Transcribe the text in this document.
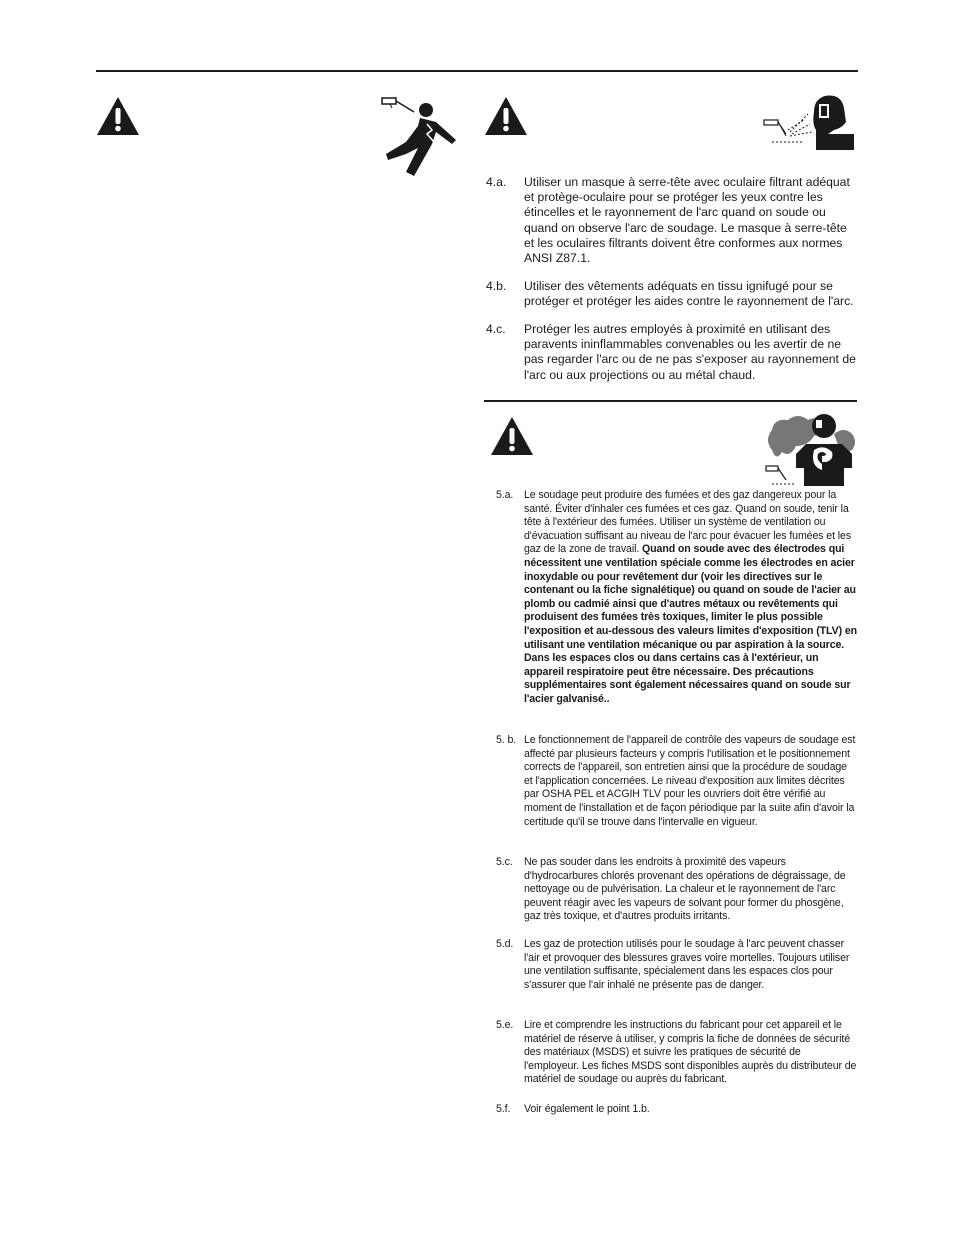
4.a. Utiliser un masque à serre-tête avec oculaire filtrant adéquat et protège-oculaire pour se protéger les yeux contre les étincelles et le rayonnement de l'arc quand on soude ou quand on observe l'arc de soudage. Le masque à serre-tête et les oculaires filtrants doivent être conformes aux normes ANSI Z87.1.
4.b. Utiliser des vêtements adéquats en tissu ignifugé pour se protéger et protéger les aides contre le rayonnement de l'arc.
4.c. Protéger les autres employés à proximité en utilisant des paravents ininflammables convenables ou les avertir de ne pas regarder l'arc ou de ne pas s'exposer au rayonnement de l'arc ou aux projections ou au métal chaud.
5.a. Le soudage peut produire des fumées et des gaz dangereux pour la santé. Éviter d'inhaler ces fumées et ces gaz. Quand on soude, tenir la tête à l'extérieur des fumées. Utiliser un système de ventilation ou d'évacuation suffisant au niveau de l'arc pour évacuer les fumées et les gaz de la zone de travail. Quand on soude avec des électrodes qui nécessitent une ventilation spéciale comme les électrodes en acier inoxydable ou pour revêtement dur (voir les directives sur le contenant ou la fiche signalétique) ou quand on soude de l'acier au plomb ou cadmié ainsi que d'autres métaux ou revêtements qui produisent des fumées très toxiques, limiter le plus possible l'exposition et au-dessous des valeurs limites d'exposition (TLV) en utilisant une ventilation mécanique ou par aspiration à la source. Dans les espaces clos ou dans certains cas à l'extérieur, un appareil respiratoire peut être nécessaire. Des précautions supplémentaires sont également nécessaires quand on soude sur l'acier galvanisé..
5. b. Le fonctionnement de l'appareil de contrôle des vapeurs de soudage est affecté par plusieurs facteurs y compris l'utilisation et le positionnement corrects de l'appareil, son entretien ainsi que la procédure de soudage et l'application concernées. Le niveau d'exposition aux limites décrites par OSHA PEL et ACGIH TLV pour les ouvriers doit être vérifié au moment de l'installation et de façon périodique par la suite afin d'avoir la certitude qu'il se trouve dans l'intervalle en vigueur.
5.c. Ne pas souder dans les endroits à proximité des vapeurs d'hydrocarbures chlorés provenant des opérations de dégraissage, de nettoyage ou de pulvérisation. La chaleur et le rayonnement de l'arc peuvent réagir avec les vapeurs de solvant pour former du phosgène, gaz très toxique, et d'autres produits irritants.
5.d. Les gaz de protection utilisés pour le soudage à l'arc peuvent chasser l'air et provoquer des blessures graves voire mortelles. Toujours utiliser une ventilation suffisante, spécialement dans les espaces clos pour s'assurer que l'air inhalé ne présente pas de danger.
5.e. Lire et comprendre les instructions du fabricant pour cet appareil et le matériel de réserve à utiliser, y compris la fiche de données de sécurité des matériaux (MSDS) et suivre les pratiques de sécurité de l'employeur. Les fiches MSDS sont disponibles auprès du distributeur de matériel de soudage ou auprès du fabricant.
5.f. Voir également le point 1.b.
